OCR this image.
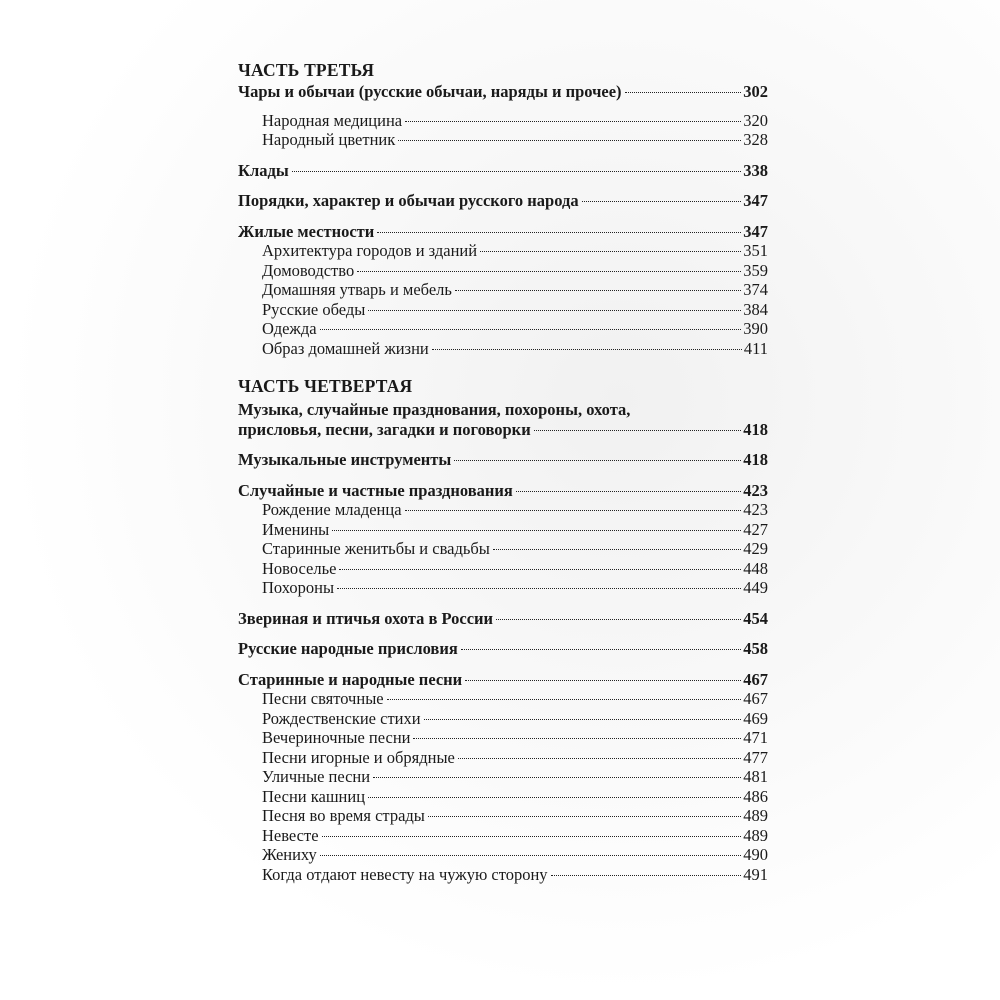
ЧАСТЬ ТРЕТЬЯ
Чары и обычаи (русские обычаи, наряды и прочее)	302
Народная медицина	320
Народный цветник	328
Клады	338
Порядки, характер и обычаи русского народа	347
Жилые местности	347
Архитектура городов и зданий	351
Домоводство	359
Домашняя утварь и мебель	374
Русские обеды	384
Одежда	390
Образ домашней жизни	411
ЧАСТЬ ЧЕТВЕРТАЯ
Музыка, случайные празднования, похороны, охота,
присловья, песни, загадки и поговорки	418
Музыкальные инструменты	418
Случайные и частные празднования	423
Рождение младенца	423
Именины	427
Старинные женитьбы и свадьбы	429
Новоселье	448
Похороны	449
Звериная и птичья охота в России	454
Русские народные присловия	458
Старинные и народные песни	467
Песни святочные	467
Рождественские стихи	469
Вечериночные песни	471
Песни игорные и обрядные	477
Уличные песни	481
Песни кашниц	486
Песня во время страды	489
Невесте	489
Жениху	490
Когда отдают невесту на чужую сторону	491
